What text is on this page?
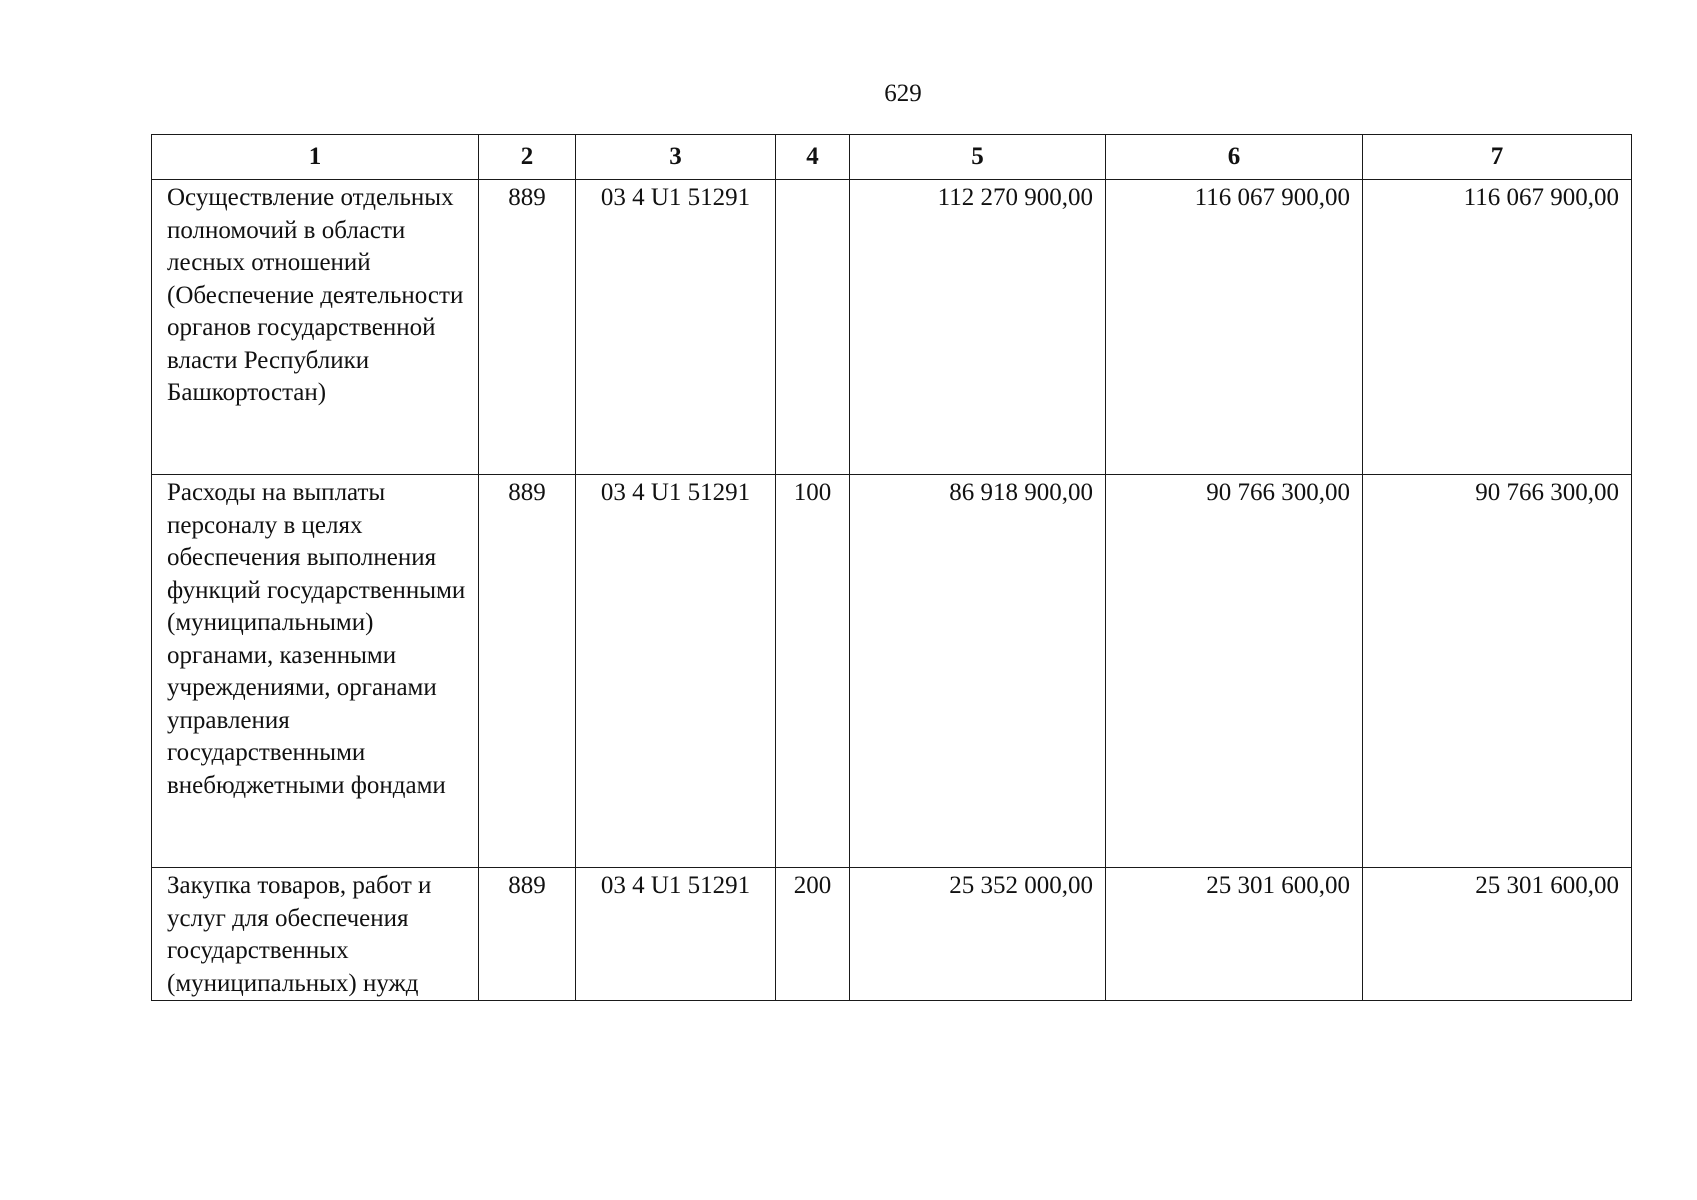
629
1	2	3	4	5	6	7
Осуществление отдельных полномочий в области лесных отношений (Обеспечение деятельности органов государственной власти Республики Башкортостан)	889	03 4 U1 51291		112 270 900,00	116 067 900,00	116 067 900,00
Расходы на выплаты персоналу в целях обеспечения выполнения функций государственными (муниципальными) органами, казенными учреждениями, органами управления государственными внебюджетными фондами	889	03 4 U1 51291	100	86 918 900,00	90 766 300,00	90 766 300,00
Закупка товаров, работ и услуг для обеспечения государственных (муниципальных) нужд	889	03 4 U1 51291	200	25 352 000,00	25 301 600,00	25 301 600,00
